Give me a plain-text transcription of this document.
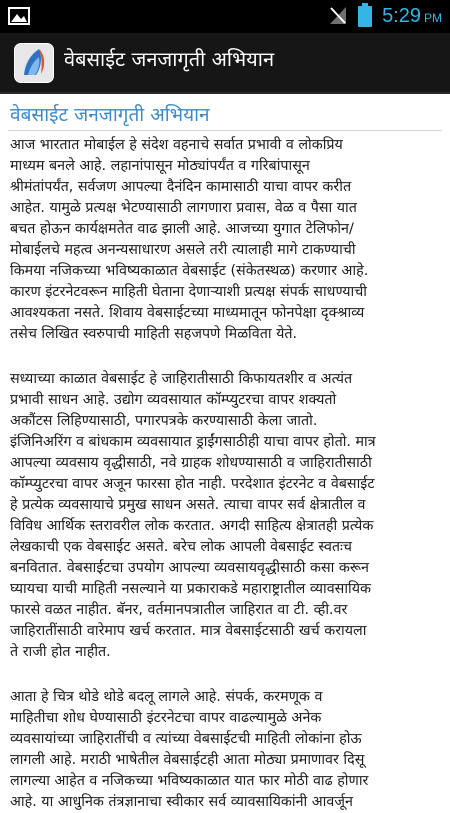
5:29 PM
वेबसाईट जनजागृती अभियान
वेबसाईट जनजागृती अभियान
आज भारतात मोबाईल हे संदेश वहनाचे सर्वात प्रभावी व लोकप्रिय
माध्यम बनले आहे. लहानांपासून मोठ्यांपर्यंत व गरिबांपासून
श्रीमंतांपर्यंत, सर्वजण आपल्या दैनंदिन कामासाठी याचा वापर करीत
आहेत. यामुळे प्रत्यक्ष भेटण्यासाठी लागणारा प्रवास, वेळ व पैसा यात
बचत होऊन कार्यक्षमतेत वाढ झाली आहे. आजच्या युगात टेलिफोन/
मोबाईलचे महत्व अनन्यसाधारण असले तरी त्यालाही मागे टाकण्याची
किमया नजिकच्या भविष्यकाळात वेबसाईट (संकेतस्थळ) करणार आहे.
कारण इंटरनेटवरून माहिती घेताना देणाऱ्याशी प्रत्यक्ष संपर्क साधण्याची
आवश्यकता नसते. शिवाय वेबसाईटच्या माध्यमातून फोनपेक्षा दृक्श्राव्य
तसेच लिखित स्वरुपाची माहिती सहजपणे मिळविता येते.
सध्याच्या काळात वेबसाईट हे जाहिरातीसाठी किफायतशीर व अत्यंत
प्रभावी साधन आहे. उद्योग व्यवसायात कॉम्प्युटरचा वापर शक्यतो
अकौंटस लिहिण्यासाठी, पगारपत्रके करण्यासाठी केला जातो.
इंजिनिअरिंग व बांधकाम व्यवसायात ड्राईंगसाठीही याचा वापर होतो. मात्र
आपल्या व्यवसाय वृद्धीसाठी, नवे ग्राहक शोधण्यासाठी व जाहिरातीसाठी
कॉम्प्युटरचा वापर अजून फारसा होत नाही. परदेशात इंटरनेट व वेबसाईट
हे प्रत्येक व्यवसायाचे प्रमुख साधन असते. त्याचा वापर सर्व क्षेत्रातील व
विविध आर्थिक स्तरावरील लोक करतात. अगदी साहित्य क्षेत्रातही प्रत्येक
लेखकाची एक वेबसाईट असते. बरेच लोक आपली वेबसाईट स्वतःच
बनवितात. वेबसाईटचा उपयोग आपल्या व्यवसायवृद्धीसाठी कसा करून
घ्यायचा याची माहिती नसल्याने या प्रकाराकडे महाराष्ट्रातील व्यावसायिक
फारसे वळत नाहीत. बॅनर, वर्तमानपत्रातील जाहिरात वा टी. व्ही.वर
जाहिरातींसाठी वारेमाप खर्च करतात. मात्र वेबसाईटसाठी खर्च करायला
ते राजी होत नाहीत.
आता हे चित्र थोडे थोडे बदलू लागले आहे. संपर्क, करमणूक व
माहितीचा शोध घेण्यासाठी इंटरनेटचा वापर वाढल्यामुळे अनेक
व्यवसायांच्या जाहिरातींची व त्यांच्या वेबसाईटची माहिती लोकांना होऊ
लागली आहे. मराठी भाषेतील वेबसाईटही आता मोठ्या प्रमाणावर दिसू
लागल्या आहेत व नजिकच्या भविष्यकाळात यात फार मोठी वाढ होणार
आहे. या आधुनिक तंत्रज्ञानाचा स्वीकार सर्व व्यावसायिकांनी आवर्जून
